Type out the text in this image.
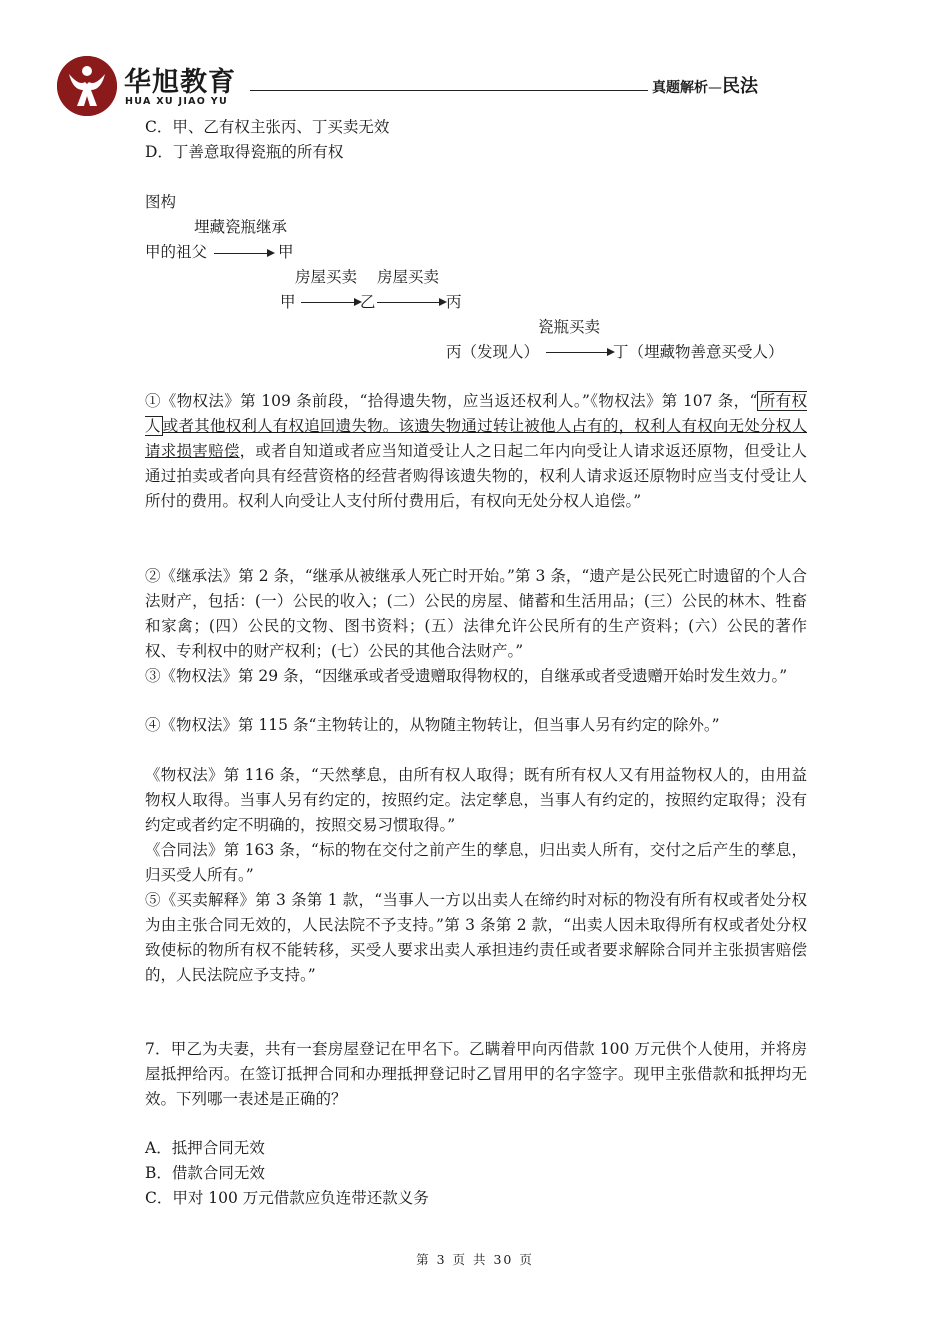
华旭教育
HUA XU JIAO YU
真题解析—民法
C．甲、乙有权主张丙、丁买卖无效
D．丁善意取得瓷瓶的所有权
图构
埋藏瓷瓶继承
甲的祖父	甲
房屋买卖 房屋买卖
甲	乙	丙
瓷瓶买卖
丙（发现人）	丁（埋藏物善意买受人）

①《物权法》第 109 条前段，“拾得遗失物，应当返还权利人。”《物权法》第 107 条，“ 所有权人 或者其他权利人有权追回遗失物。该遗失物通过转让被他人占有的，权利人有权向无处分权人请求损害赔偿，或者自知道或者应当知道受让人之日起二年内向受让人请求返还原物，但受让人通过拍卖或者向具有经营资格的经营者购得该遗失物的，权利人请求返还原物时应当支付受让人所付的费用。权利人向受让人支付所付费用后，有权向无处分权人追偿。”

②《继承法》第 2 条，“继承从被继承人死亡时开始。”第 3 条，“遗产是公民死亡时遗留的个人合法财产，包括：(一）公民的收入；(二）公民的房屋、储蓄和生活用品；(三）公民的林木、牲畜和家禽；(四）公民的文物、图书资料；(五）法律允许公民所有的生产资料；(六）公民的著作权、专利权中的财产权利；(七）公民的其他合法财产。”

③《物权法》第 29 条，“因继承或者受遗赠取得物权的，自继承或者受遗赠开始时发生效力。”

④《物权法》第 115 条“主物转让的，从物随主物转让，但当事人另有约定的除外。”

《物权法》第 116 条，“天然孳息，由所有权人取得；既有所有权人又有用益物权人的，由用益物权人取得。当事人另有约定的，按照约定。法定孳息，当事人有约定的，按照约定取得；没有约定或者约定不明确的，按照交易习惯取得。”

《合同法》第 163 条，“标的物在交付之前产生的孳息，归出卖人所有，交付之后产生的孳息，归买受人所有。”

⑤《买卖解释》第 3 条第 1 款，“当事人一方以出卖人在缔约时对标的物没有所有权或者处分权为由主张合同无效的，人民法院不予支持。”第 3 条第 2 款，“出卖人因未取得所有权或者处分权致使标的物所有权不能转移，买受人要求出卖人承担违约责任或者要求解除合同并主张损害赔偿的，人民法院应予支持。”

7．甲乙为夫妻，共有一套房屋登记在甲名下。乙瞒着甲向丙借款 100 万元供个人使用，并将房屋抵押给丙。在签订抵押合同和办理抵押登记时乙冒用甲的名字签字。现甲主张借款和抵押均无效。下列哪一表述是正确的？

A．抵押合同无效
B．借款合同无效
C．甲对 100 万元借款应负连带还款义务
第 3 页 共 30 页
